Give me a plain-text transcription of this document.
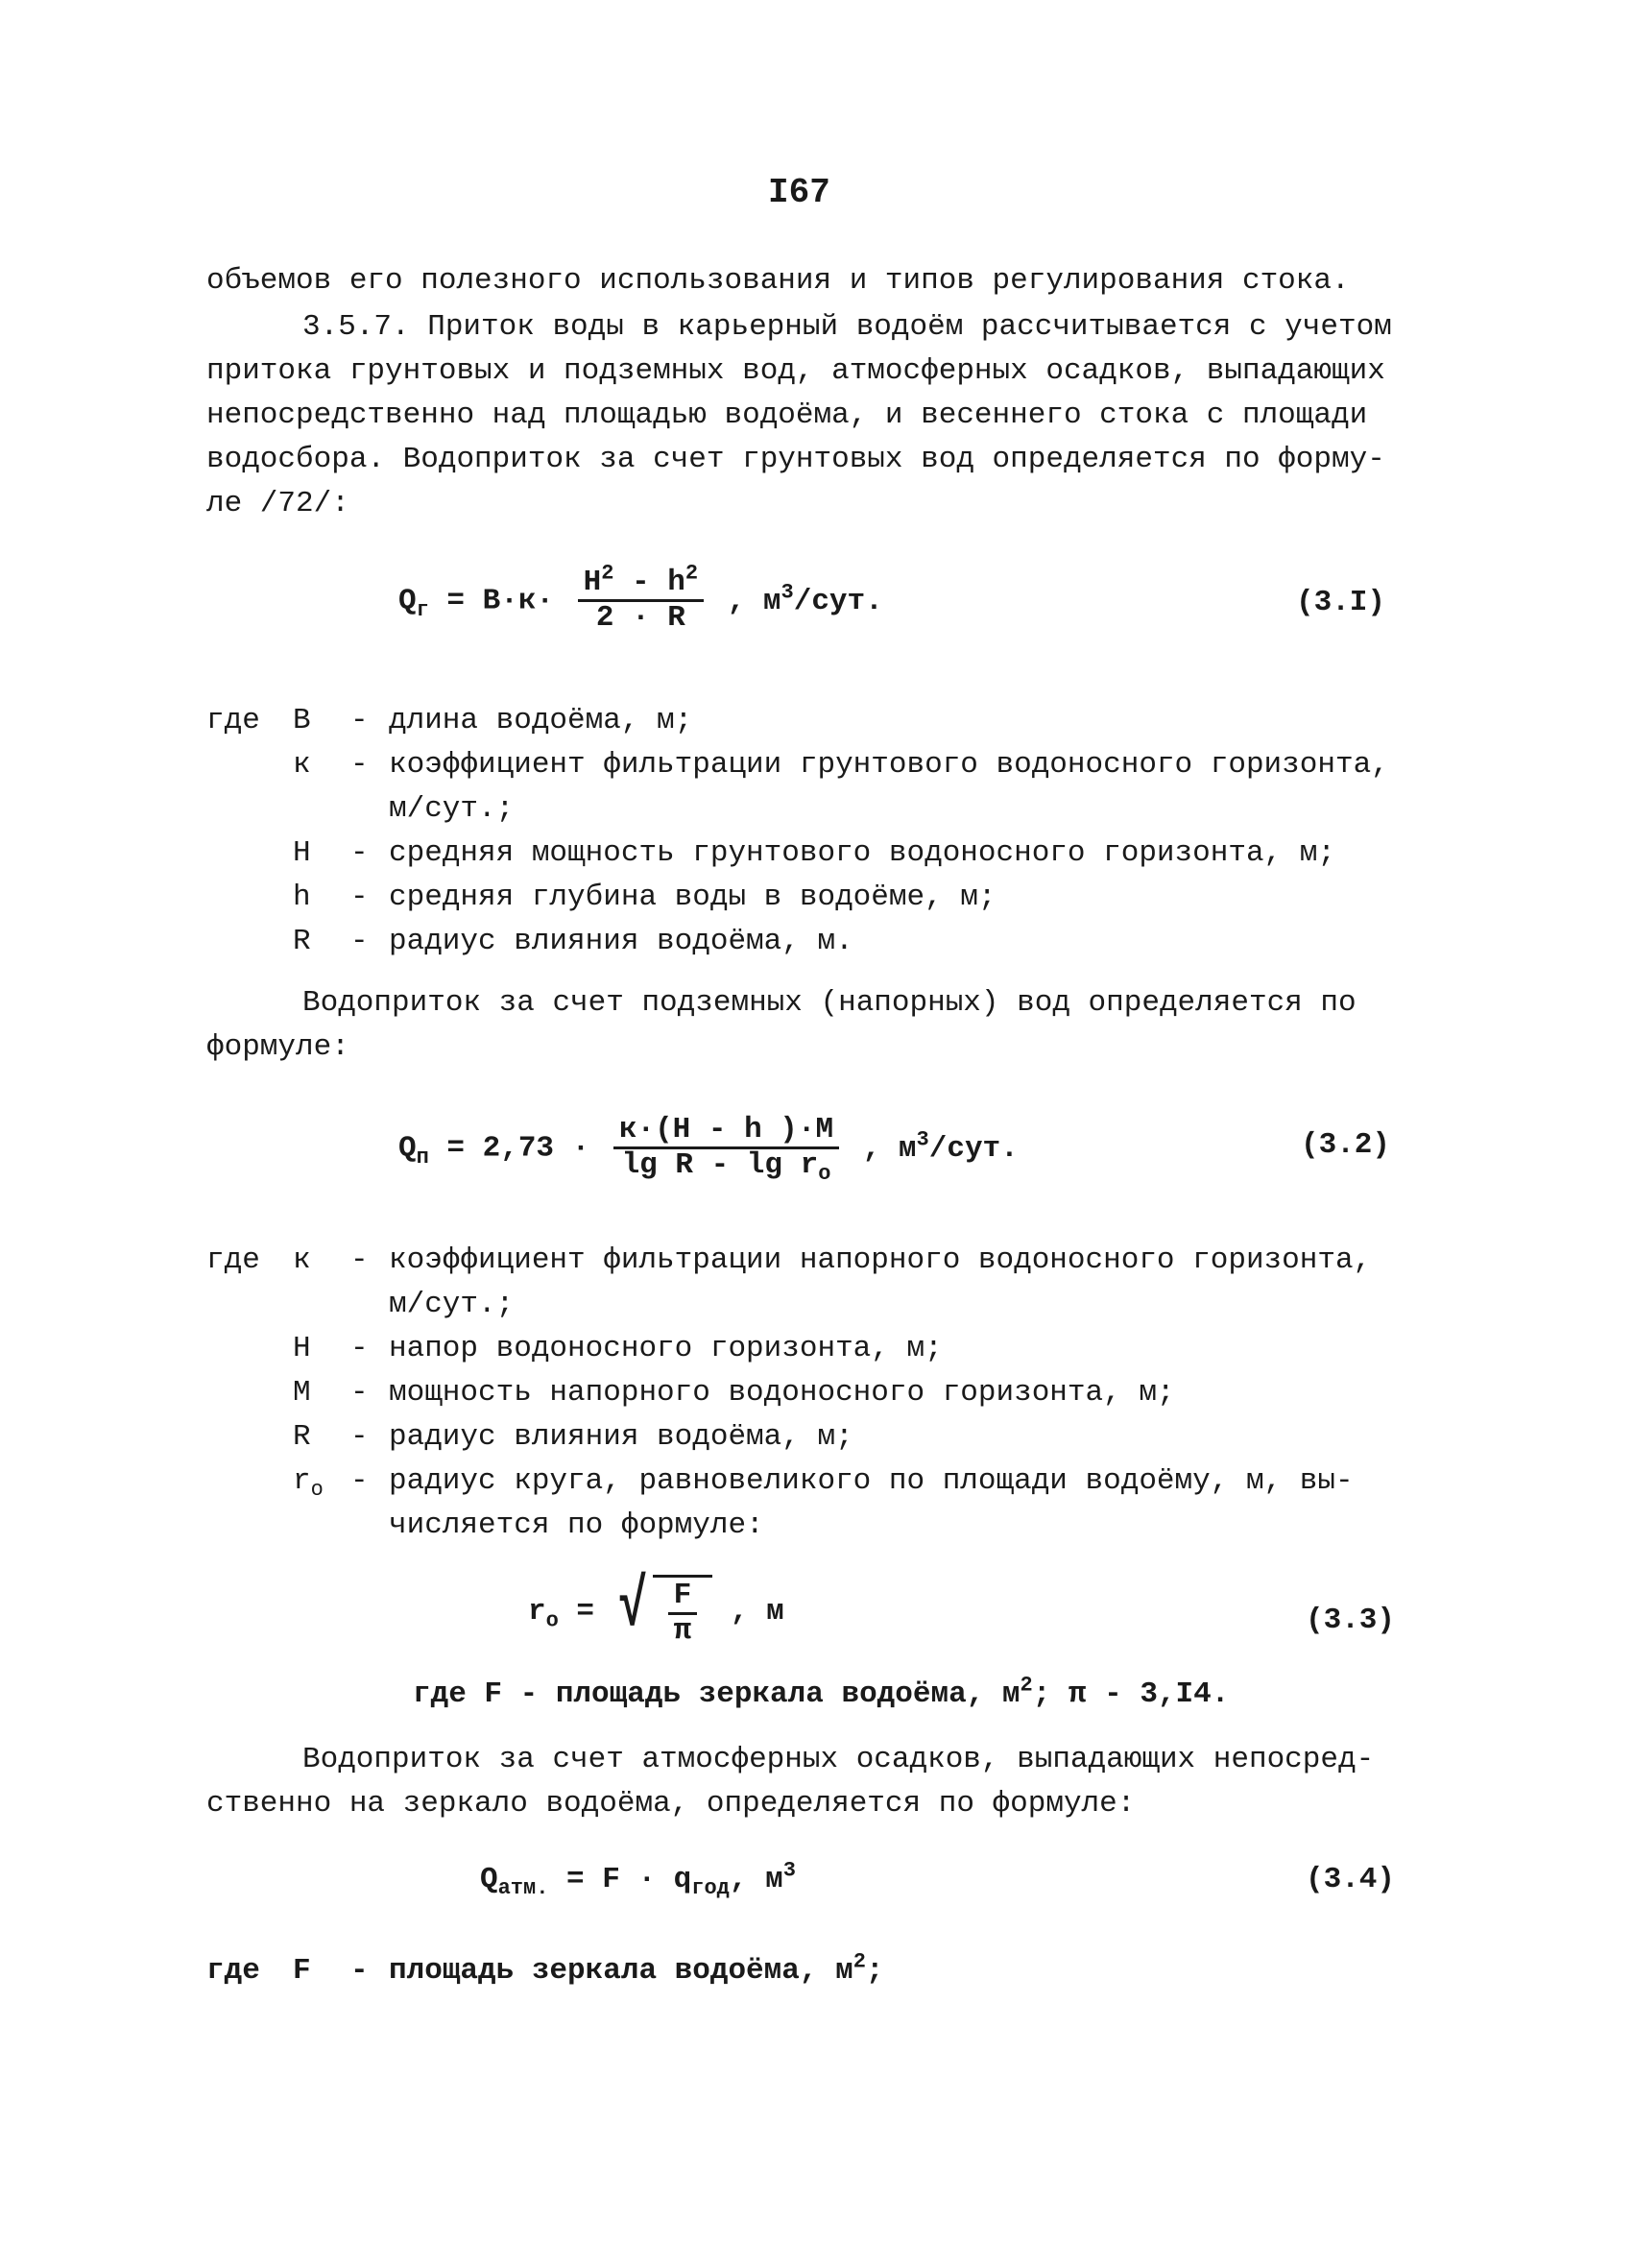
I67
объемов его полезного использования и типов регулирования стока.
3.5.7. Приток воды в карьерный водоём рассчитывается с учетом
притока грунтовых и подземных вод, атмосферных осадков, выпадающих
непосредственно над площадью водоёма, и весеннего стока с площади
водосбора. Водоприток за счет грунтовых вод определяется по форму-
ле /72/:
$Q_г = B\cdot к\cdot \frac{H^2 - h^2}{2 \cdot R}$ , $м^3$/сут.	(3.I)
где B - длина водоёма, м;
к - коэффициент фильтрации грунтового водоносного горизонта,
м/сут.;
H - средняя мощность грунтового водоносного горизонта, м;
h - средняя глубина воды в водоёме, м;
R - радиус влияния водоёма, м.
Водоприток за счет подземных (напорных) вод определяется по
формуле:
$Q_п = 2,73 \cdot \frac{к\cdot(H - h )\cdot M}{\lg R - \lg r_о}$ , $м^3$/сут.	(3.2)
где к - коэффициент фильтрации напорного водоносного горизонта,
м/сут.;
H - напор водоносного горизонта, м;
M - мощность напорного водоносного горизонта, м;
R - радиус влияния водоёма, м;
$r_о$ - радиус круга, равновеликого по площади водоёму, м, вы-
числяется по формуле:
$r_о$ = √ $\frac{F}{\pi}$ , м	(3.3)
где F - площадь зеркала водоёма, $м^2$; π - 3,I4.
Водоприток за счет атмосферных осадков, выпадающих непосред-
ственно на зеркало водоёма, определяется по формуле:
$Q_{атм.} = F \cdot q_{год}$, $м^3$	(3.4)
где F - площадь зеркала водоёма, $м^2$;
